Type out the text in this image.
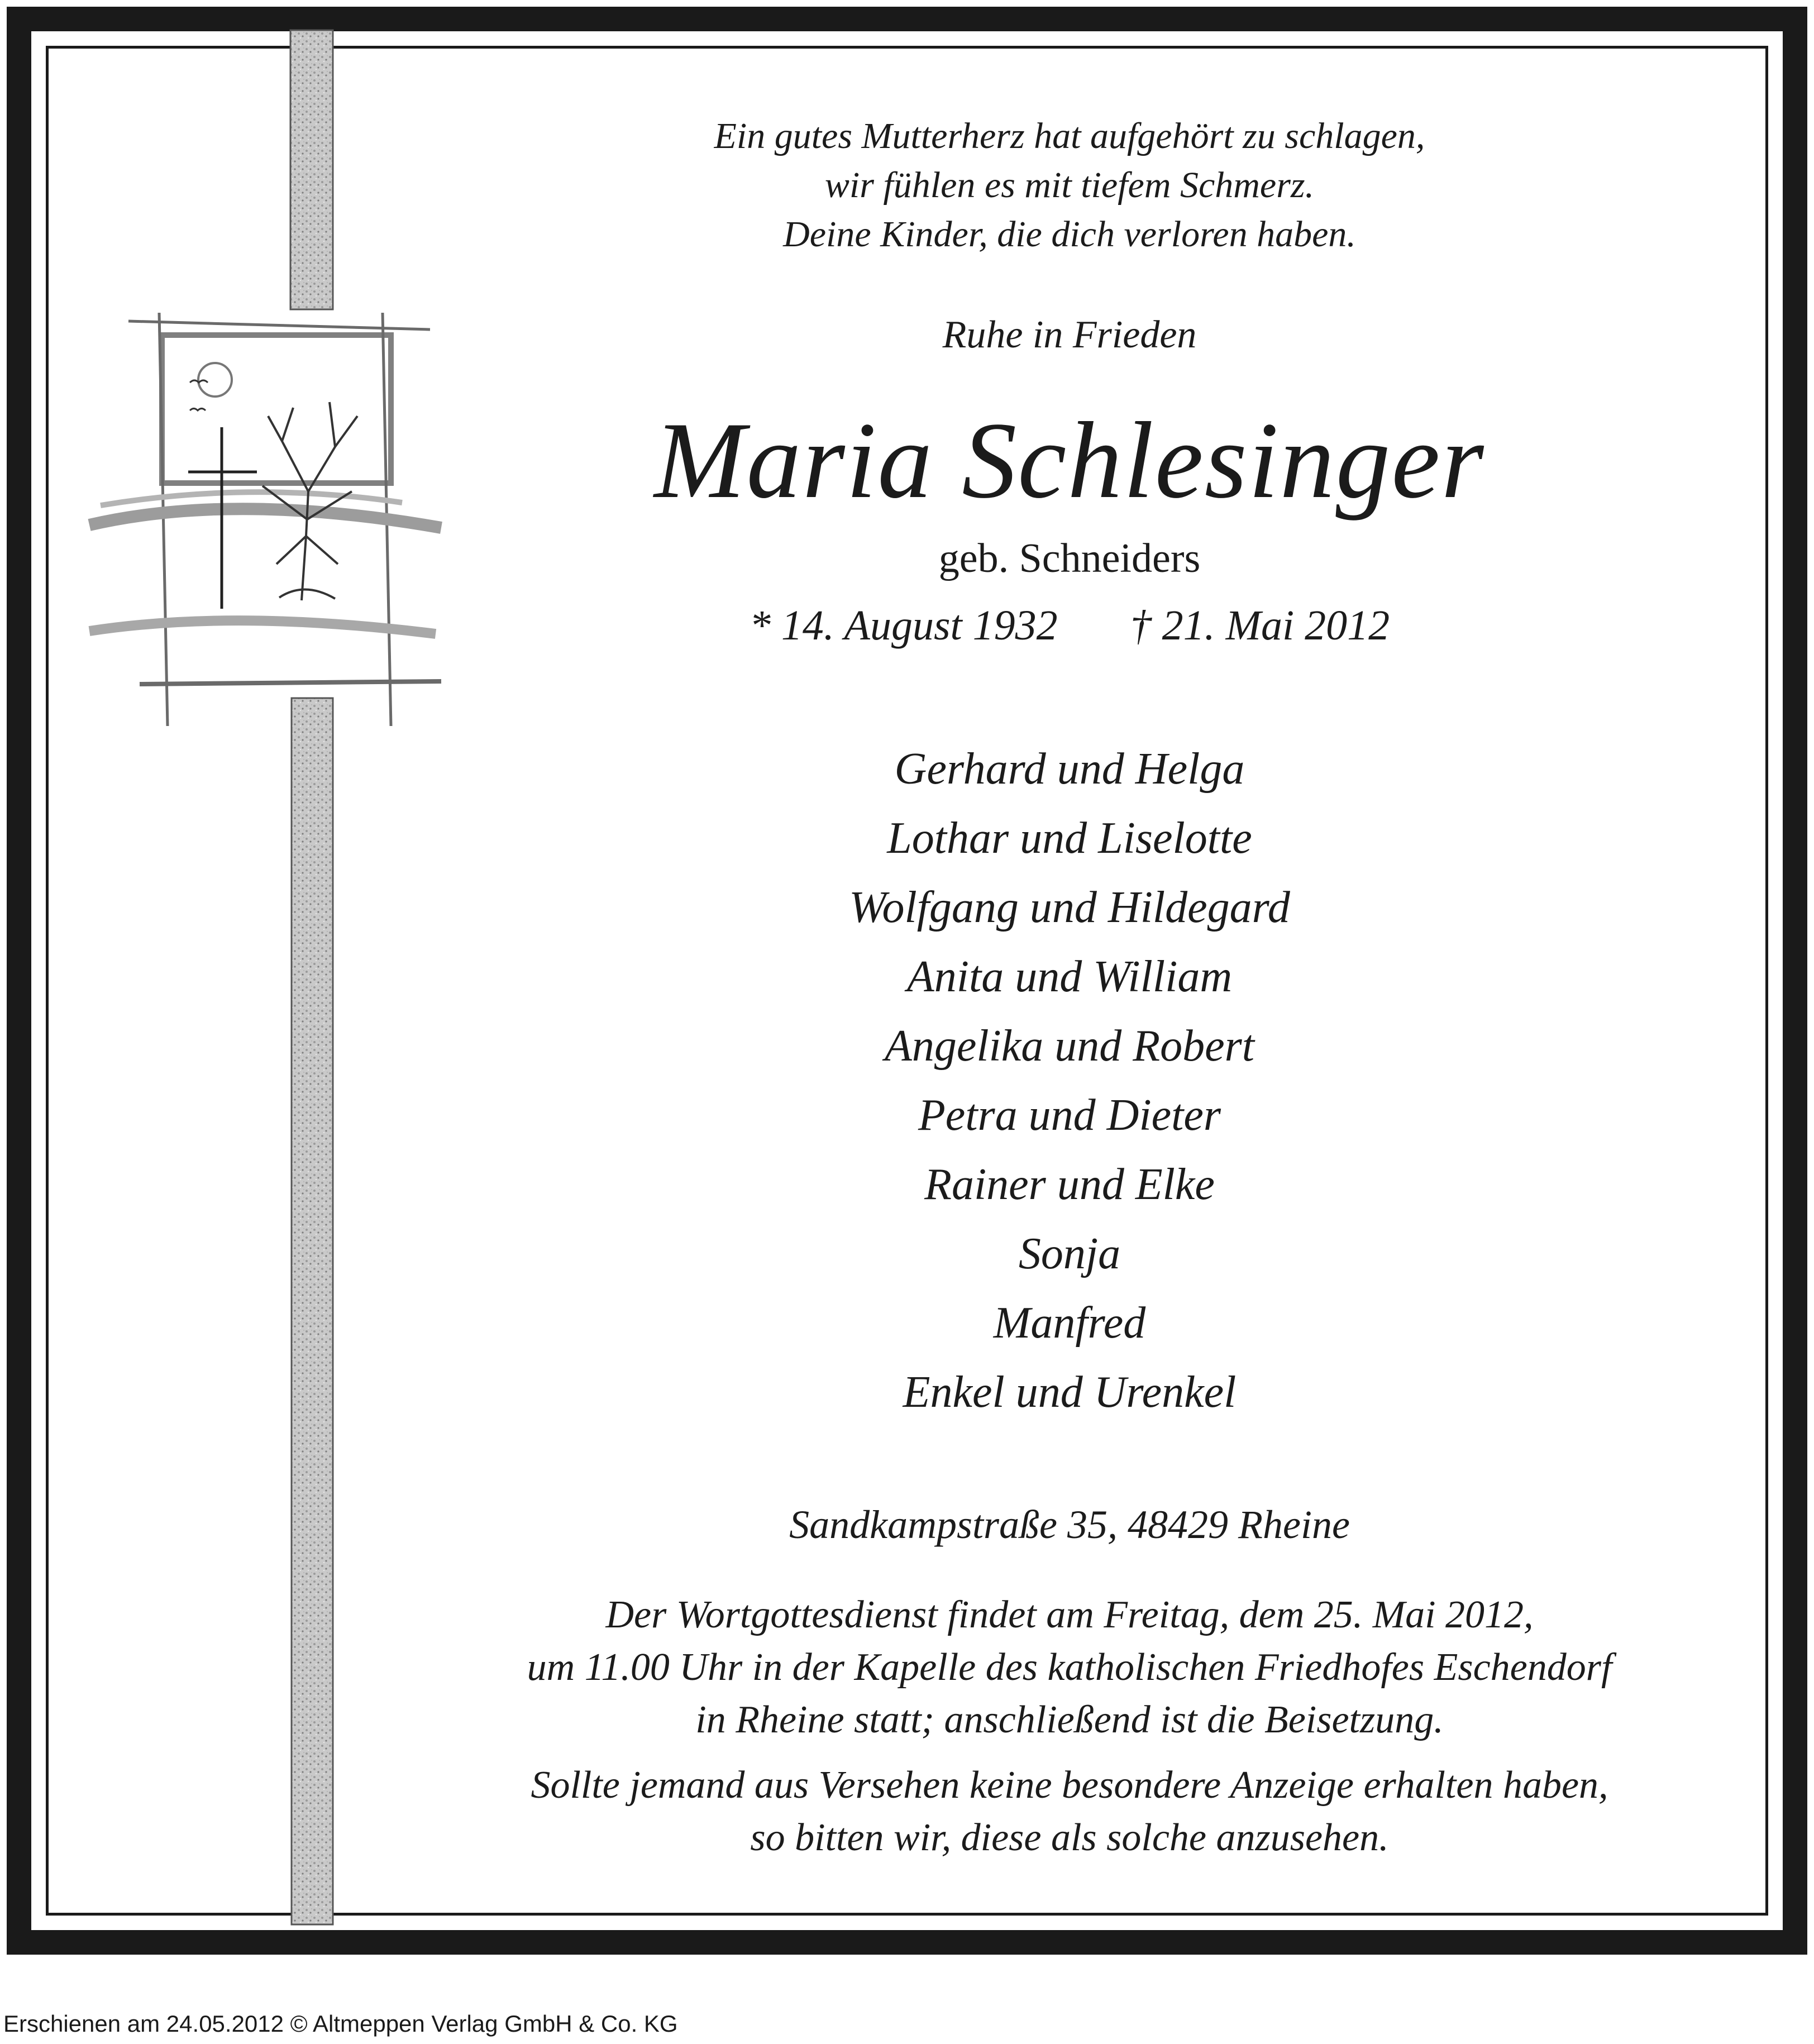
Ein gutes Mutterherz hat aufgehört zu schlagen,
wir fühlen es mit tiefem Schmerz.
Deine Kinder, die dich verloren haben.
Ruhe in Frieden
Maria Schlesinger
geb. Schneiders
* 14. August 1932 † 21. Mai 2012
Gerhard und Helga
Lothar und Liselotte
Wolfgang und Hildegard
Anita und William
Angelika und Robert
Petra und Dieter
Rainer und Elke
Sonja
Manfred
Enkel und Urenkel
Sandkampstraße 35, 48429 Rheine
Der Wortgottesdienst findet am Freitag, dem 25. Mai 2012,
um 11.00 Uhr in der Kapelle des katholischen Friedhofes Eschendorf
in Rheine statt; anschließend ist die Beisetzung.
Sollte jemand aus Versehen keine besondere Anzeige erhalten haben,
so bitten wir, diese als solche anzusehen.
Erschienen am 24.05.2012 © Altmeppen Verlag GmbH & Co. KG
